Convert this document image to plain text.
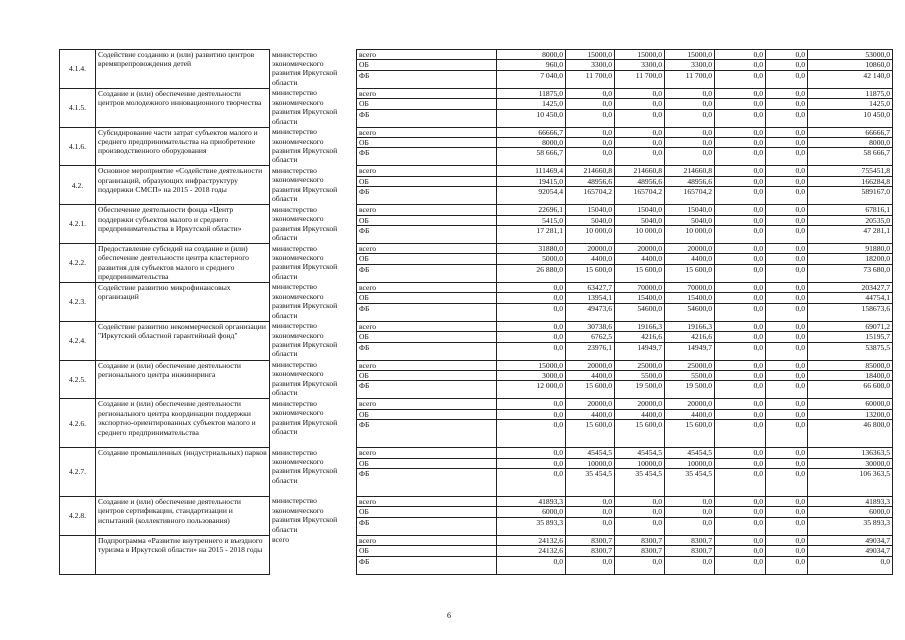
4.1.4.	Содействие созданию и (или) развитию центров времяпрепровождения детей	министерство
экономического
развития Иркутской
области	всего	8000,0	15000,0	15000,0	15000,0	0,0	0,0	53000,0
			ОБ	960,0	3300,0	3300,0	3300,0	0,0	0,0	10860,0
			ФБ	7 040,0	11 700,0	11 700,0	11 700,0	0,0	0,0	42 140,0
4.1.5.	Создание и (или) обеспечение деятельности центров молодежного инновационного творчества	министерство
экономического
развития Иркутской
области	всего	11875,0	0,0	0,0	0,0	0,0	0,0	11875,0
			ОБ	1425,0	0,0	0,0	0,0	0,0	0,0	1425,0
			ФБ	10 450,0	0,0	0,0	0,0	0,0	0,0	10 450,0
4.1.6.	Субсидирование части затрат субъектов малого и среднего предпринимательства на приобретение производственного оборудования	министерство
экономического
развития Иркутской
области	всего	66666,7	0,0	0,0	0,0	0,0	0,0	66666,7
			ОБ	8000,0	0,0	0,0	0,0	0,0	0,0	8000,0
			ФБ	58 666,7	0,0	0,0	0,0	0,0	0,0	58 666,7
4.2.	Основное мероприятие «Содействие деятельности организаций, образующих инфраструктуру поддержки СМСП» на 2015 - 2018 годы	министерство
экономического
развития Иркутской
области	всего	111469,4	214660,8	214660,8	214660,8	0,0	0,0	755451,8
			ОБ	19415,0	48956,6	48956,6	48956,6	0,0	0,0	166284,8
			ФБ	92054,4	165704,2	165704,2	165704,2	0,0	0,0	589167,0
4.2.1.	Обеспечение деятельности фонда «Центр поддержки субъектов малого и среднего предпринимательства в Иркутской области»	министерство
экономического
развития Иркутской
области	всего	22696,1	15040,0	15040,0	15040,0	0,0	0,0	67816,1
			ОБ	5415,0	5040,0	5040,0	5040,0	0,0	0,0	20535,0
			ФБ	17 281,1	10 000,0	10 000,0	10 000,0	0,0	0,0	47 281,1
4.2.2.	Предоставление субсидий на создание и (или) обеспечение деятельности центра кластерного развития для субъектов малого и среднего предпринимательства	министерство
экономического
развития Иркутской
области	всего	31880,0	20000,0	20000,0	20000,0	0,0	0,0	91880,0
			ОБ	5000,0	4400,0	4400,0	4400,0	0,0	0,0	18200,0
			ФБ	26 880,0	15 600,0	15 600,0	15 600,0	0,0	0,0	73 680,0
4.2.3.	Содействие развитию микрофинансовых организаций	министерство
экономического
развития Иркутской
области	всего	0,0	63427,7	70000,0	70000,0	0,0	0,0	203427,7
			ОБ	0,0	13954,1	15400,0	15400,0	0,0	0,0	44754,1
			ФБ	0,0	49473,6	54600,0	54600,0	0,0	0,0	158673,6
4.2.4.	Содействие развитию некоммерческой организации "Иркутский областной гарантийный фонд"	министерство
экономического
развития Иркутской
области	всего	0,0	30738,6	19166,3	19166,3	0,0	0,0	69071,2
			ОБ	0,0	6762,5	4216,6	4216,6	0,0	0,0	15195,7
			ФБ	0,0	23976,1	14949,7	14949,7	0,0	0,0	53875,5
4.2.5.	Создание и (или) обеспечение деятельности регионального центра инжиниринга	министерство
экономического
развития Иркутской
области	всего	15000,0	20000,0	25000,0	25000,0	0,0	0,0	85000,0
			ОБ	3000,0	4400,0	5500,0	5500,0	0,0	0,0	18400,0
			ФБ	12 000,0	15 600,0	19 500,0	19 500,0	0,0	0,0	66 600,0
4.2.6.	Создание и (или) обеспечение деятельности регионального центра координации поддержки экспортно-ориентированных субъектов малого и среднего предпринимательства	министерство
экономического
развития Иркутской
области	всего	0,0	20000,0	20000,0	20000,0	0,0	0,0	60000,0
			ОБ	0,0	4400,0	4400,0	4400,0	0,0	0,0	13200,0
			ФБ	0,0	15 600,0	15 600,0	15 600,0	0,0	0,0	46 800,0
4.2.7.	Создание промышленных (индустриальных) парков	министерство
экономического
развития Иркутской
области	всего	0,0	45454,5	45454,5	45454,5	0,0	0,0	136363,5
			ОБ	0,0	10000,0	10000,0	10000,0	0,0	0,0	30000,0
			ФБ	0,0	35 454,5	35 454,5	35 454,5	0,0	0,0	106 363,5
4.2.8.	Создание и (или) обеспечение деятельности центров сертификации, стандартизации и испытаний (коллективного пользования)	министерство
экономического
развития Иркутской
области	всего	41893,3	0,0	0,0	0,0	0,0	0,0	41893,3
			ОБ	6000,0	0,0	0,0	0,0	0,0	0,0	6000,0
			ФБ	35 893,3	0,0	0,0	0,0	0,0	0,0	35 893,3
	Подпрограмма «Развитие внутреннего и въездного туризма в Иркутской области» на 2015 - 2018 годы	всего	всего	24132,6	8300,7	8300,7	8300,7	0,0	0,0	49034,7
			ОБ	24132,6	8300,7	8300,7	8300,7	0,0	0,0	49034,7
			ФБ	0,0	0,0	0,0	0,0	0,0	0,0	0,0
6
